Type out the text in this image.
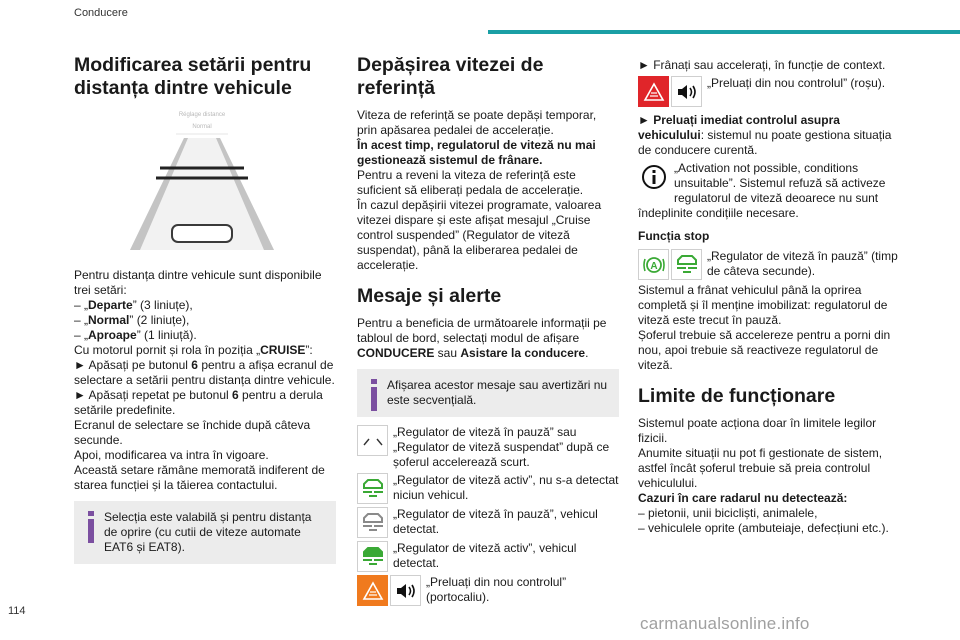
Conducere
Modificarea setării pentru distanța dintre vehicule
Réglage distance
Normal

Pentru distanța dintre vehicule sunt disponibile trei setări:

– „Departe” (3 liniuțe),

– „Normal” (2 liniuțe),

– „Aproape” (1 liniuță).

Cu motorul pornit și rola în poziția „CRUISE”:

► Apăsați pe butonul 6 pentru a afișa ecranul de selectare a setării pentru distanța dintre vehicule.

► Apăsați repetat pe butonul 6 pentru a derula setările predefinite.

Ecranul de selectare se închide după câteva secunde.

Apoi, modificarea va intra în vigoare.

Această setare rămâne memorată indiferent de starea funcției și la tăierea contactului.

Selecția este valabilă și pentru distanța de oprire (cu cutii de viteze automate EAT6 și EAT8).
Depășirea vitezei de referință

Viteza de referință se poate depăși temporar, prin apăsarea pedalei de accelerație.

În acest timp, regulatorul de viteză nu mai gestionează sistemul de frânare.

Pentru a reveni la viteza de referință este suficient să eliberați pedala de accelerație.

În cazul depășirii vitezei programate, valoarea vitezei dispare și este afișat mesajul „Cruise control suspended” (Regulator de viteză suspendat), până la eliberarea pedalei de accelerație.

Mesaje și alerte

Pentru a beneficia de următoarele informații pe tabloul de bord, selectați modul de afișare CONDUCERE sau Asistare la conducere.

Afișarea acestor mesaje sau avertizări nu este secvențială.
„Regulator de viteză în pauză” sau „Regulator de viteză suspendat” după ce șoferul accelerează scurt.
„Regulator de viteză activ”, nu s-a detectat niciun vehicul.
„Regulator de viteză în pauză”, vehicul detectat.
„Regulator de viteză activ”, vehicul detectat.
„Preluați din nou controlul” (portocaliu).

► Frânați sau accelerați, în funcție de context.

„Preluați din nou controlul” (roșu).

► Preluați imediat controlul asupra vehiculului: sistemul nu poate gestiona situația de conducere curentă.

„Activation not possible, conditions unsuitable”. Sistemul refuză să activeze regulatorul de viteză deoarece nu sunt îndeplinite condițiile necesare.
Funcția stop
A
„Regulator de viteză în pauză” (timp de câteva secunde).

Sistemul a frânat vehiculul până la oprirea completă și îl menține imobilizat: regulatorul de viteză este trecut în pauză.

Șoferul trebuie să accelereze pentru a porni din nou, apoi trebuie să reactiveze regulatorul de viteză.

Limite de funcționare

Sistemul poate acționa doar în limitele legilor fizicii.

Anumite situații nu pot fi gestionate de sistem, astfel încât șoferul trebuie să preia controlul vehiculului.

Cazuri în care radarul nu detectează:

– pietonii, unii bicicliști, animalele,

– vehiculele oprite (ambuteiaje, defecțiuni etc.).

114
carmanualsonline.info
